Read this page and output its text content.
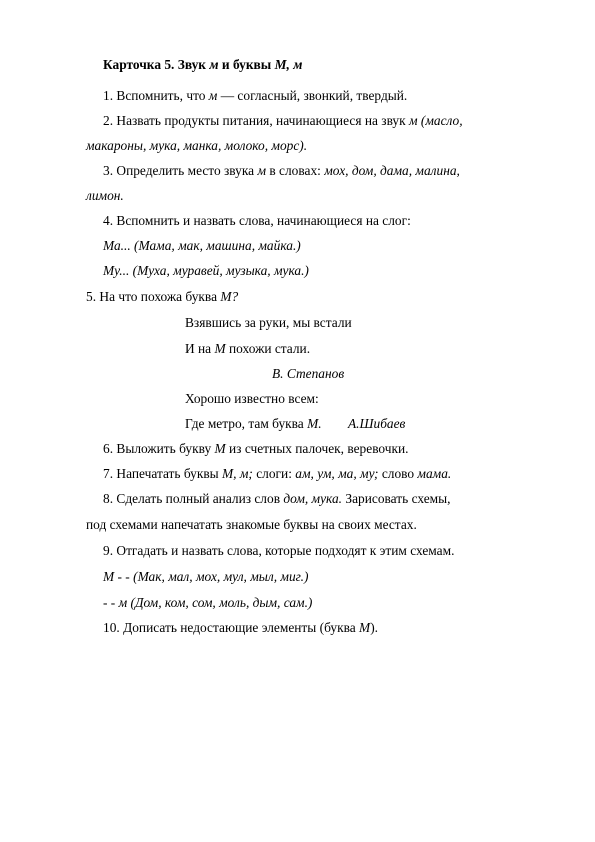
Карточка 5. Звук м и буквы М, м
1. Вспомнить, что м — согласный, звонкий, твердый.
2. Назвать продукты питания, начинающиеся на звук м (масло,
макароны, мука, манка, молоко, морс).
3. Определить место звука м в словах: мох, дом, дама, малина,
лимон.
4. Вспомнить и назвать слова, начинающиеся на слог:
Ма... (Мама, мак, машина, майка.)
Му... (Муха, муравей, музыка, мука.)
5. На что похожа буква М?
Взявшись за руки, мы встали
И на М похожи стали.
В. Степанов
Хорошо известно всем:
Где метро, там буква М. А.Шибаев
6. Выложить букву М из счетных палочек, веревочки.
7. Напечатать буквы М, м; слоги: ам, ум, ма, му; слово мама.
8. Сделать полный анализ слов дом, мука. Зарисовать схемы,
под схемами напечатать знакомые буквы на своих местах.
9. Отгадать и назвать слова, которые подходят к этим схемам.
М - - (Мак, мал, мох, мул, мыл, миг.)
- - м (Дом, ком, сом, моль, дым, сам.)
10. Дописать недостающие элементы (буква М).
